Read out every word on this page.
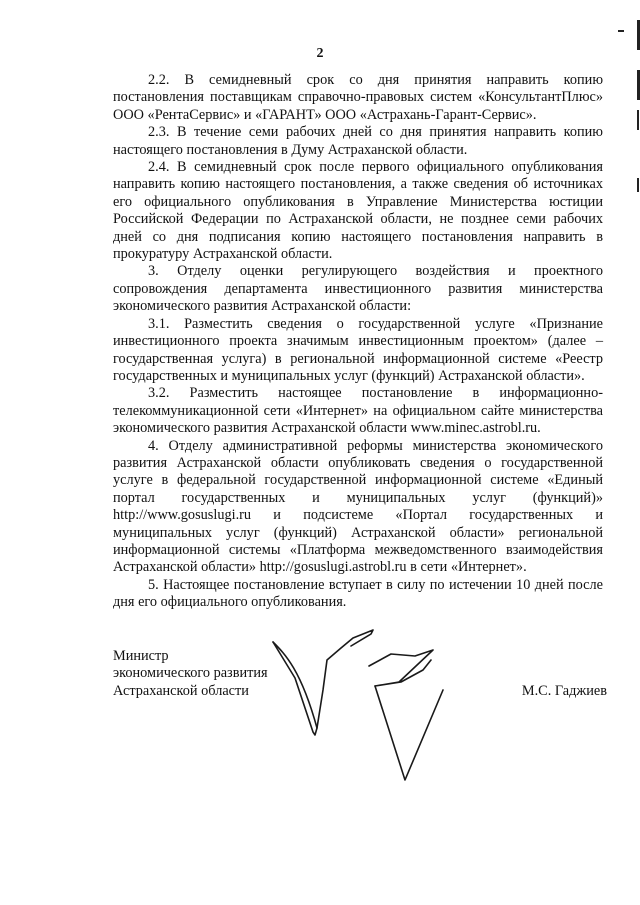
2

2.2. В семидневный срок со дня принятия направить копию постановления поставщикам справочно-правовых систем «КонсультантПлюс» ООО «РентаСервис» и «ГАРАНТ» ООО «Астрахань-Гарант-Сервис».

2.3. В течение семи рабочих дней со дня принятия направить копию настоящего постановления в Думу Астраханской области.

2.4. В семидневный срок после первого официального опубликования направить копию настоящего постановления, а также сведения об источниках его официального опубликования в Управление Министерства юстиции Российской Федерации по Астраханской области, не позднее семи рабочих дней со дня подписания копию настоящего постановления направить в прокуратуру Астраханской области.

3. Отделу оценки регулирующего воздействия и проектного сопровождения департамента инвестиционного развития министерства экономического развития Астраханской области:

3.1. Разместить сведения о государственной услуге «Признание инвестиционного проекта значимым инвестиционным проектом» (далее – государственная услуга) в региональной информационной системе «Реестр государственных и муниципальных услуг (функций) Астраханской области».

3.2. Разместить настоящее постановление в информационно-телекоммуникационной сети «Интернет» на официальном сайте министерства экономического развития Астраханской области www.minec.astrobl.ru.

4. Отделу административной реформы министерства экономического развития Астраханской области опубликовать сведения о государственной услуге в федеральной государственной информационной системе «Единый портал государственных и муниципальных услуг (функций)» http://www.gosuslugi.ru и подсистеме «Портал государственных и муниципальных услуг (функций) Астраханской области» региональной информационной системы «Платформа межведомственного взаимодействия Астраханской области» http://gosuslugi.astrobl.ru в сети «Интернет».

5. Настоящее постановление вступает в силу по истечении 10 дней после дня его официального опубликования.

Министр
экономического развития
Астраханской области	М.С. Гаджиев
